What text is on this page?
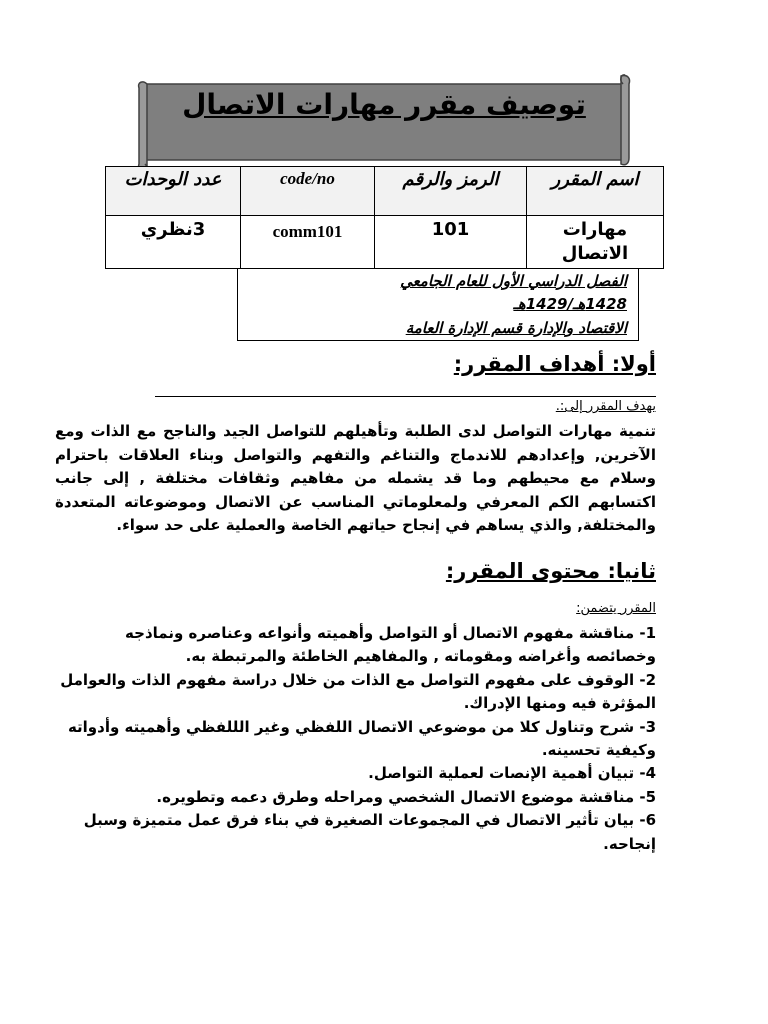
توصيف مقرر مهارات الاتصال
اسم المقرر	الرمز والرقم	code/no	عدد الوحدات

مهارات الاتصال	101	comm101	3نظري
الفصل الدراسي الأول للعام الجامعي
1428هـ/1429هـ
الاقتصاد والإدارة قسم الإدارة العامة
أولا: أهداف المقرر:
يهدف المقرر إلى:.
تنمية مهارات التواصل لدى الطلبة وتأهيلهم للتواصل الجيد والناجح مع الذات ومع الآخرين, وإعدادهم للاندماج والتناغم والتفهم والتواصل وبناء العلاقات باحترام وسلام مع محيطهم وما قد يشمله من مفاهيم وثقافات مختلفة , إلى جانب اكتسابهم الكم المعرفي ولمعلوماتي المناسب عن الاتصال وموضوعاته المتعددة والمختلفة, والذي يساهم في إنجاح حياتهم الخاصة والعملية على حد سواء.
ثانيا: محتوى المقرر:
المقرر يتضمن:
1- مناقشة مفهوم الاتصال أو التواصل وأهميته وأنواعه وعناصره ونماذجه وخصائصه وأغراضه ومقوماته , والمفاهيم الخاطئة والمرتبطة به.
2- الوقوف على مفهوم التواصل مع الذات من خلال دراسة مفهوم الذات والعوامل المؤثرة فيه ومنها الإدراك.
3- شرح وتناول كلا من موضوعي الاتصال اللفظي وغير الللفظي وأهميته وأدواته وكيفية تحسينه.
4- تبيان أهمية الإنصات لعملية التواصل.
5- مناقشة موضوع الاتصال الشخصي ومراحله وطرق دعمه وتطويره.
6- بيان تأثير الاتصال في المجموعات الصغيرة في بناء فرق عمل متميزة وسبل إنجاحه.
